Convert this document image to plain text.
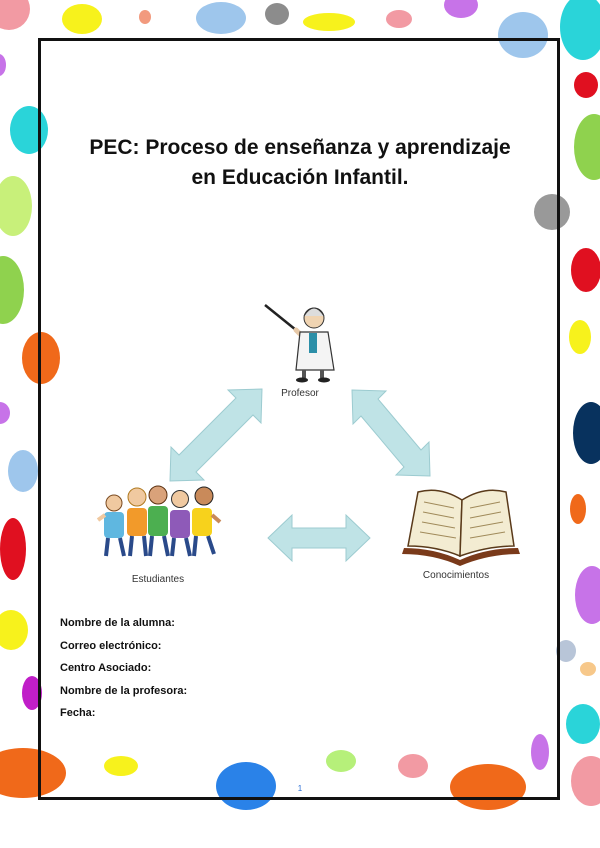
PEC: Proceso de enseñanza y aprendizaje
en Educación Infantil.
Profesor
Estudiantes	Conocimientos
Nombre de la alumna:
Correo electrónico:
Centro Asociado:
Nombre de la profesora:
Fecha:
1
